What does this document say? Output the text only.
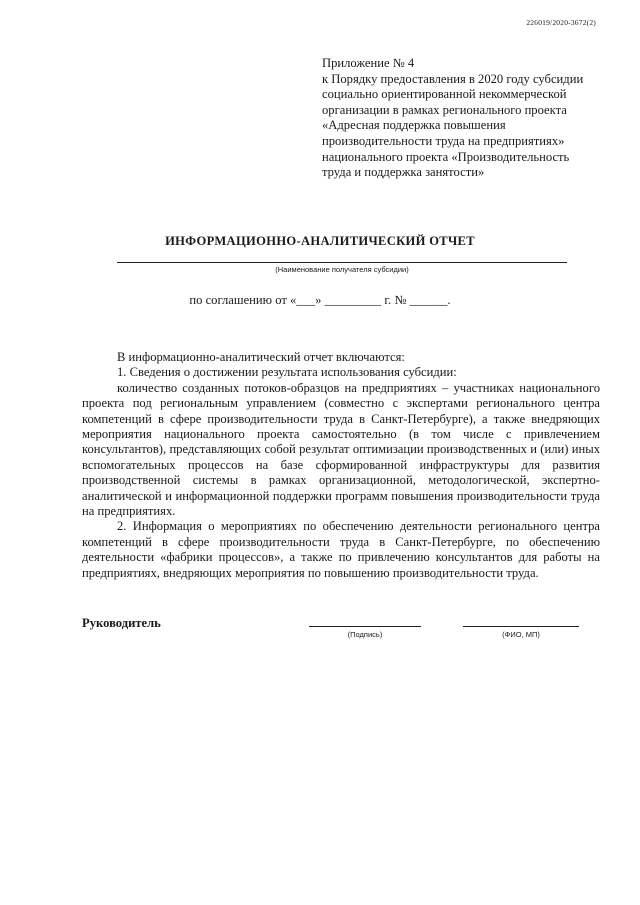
226019/2020-3672(2)
Приложение № 4
к Порядку предоставления в 2020 году субсидии
социально ориентированной некоммерческой
организации в рамках регионального проекта
«Адресная поддержка повышения
производительности труда на предприятиях»
национального проекта «Производительность
труда и поддержка занятости»
ИНФОРМАЦИОННО-АНАЛИТИЧЕСКИЙ ОТЧЕТ
(Наименование получателя субсидии)
по соглашению от «___» _________ г. № ______.

В информационно-аналитический отчет включаются:

1. Сведения о достижении результата использования субсидии:

количество созданных потоков-образцов на предприятиях – участниках национального проекта под региональным управлением (совместно с экспертами регионального центра компетенций в сфере производительности труда в Санкт-Петербурге), а также внедряющих мероприятия национального проекта самостоятельно (в том числе с привлечением консультантов), представляющих собой результат оптимизации производственных и (или) иных вспомогательных процессов на базе сформированной инфраструктуры для развития производственной системы в рамках организационной, методологической, экспертно-аналитической и информационной поддержки программ повышения производительности труда на предприятиях.

2. Информация о мероприятиях по обеспечению деятельности регионального центра компетенций в сфере производительности труда в Санкт-Петербурге, по обеспечению деятельности «фабрики процессов», а также по привлечению консультантов для работы на предприятиях, внедряющих мероприятия по повышению производительности труда.

Руководитель
(Подпись)	(ФИО, МП)
